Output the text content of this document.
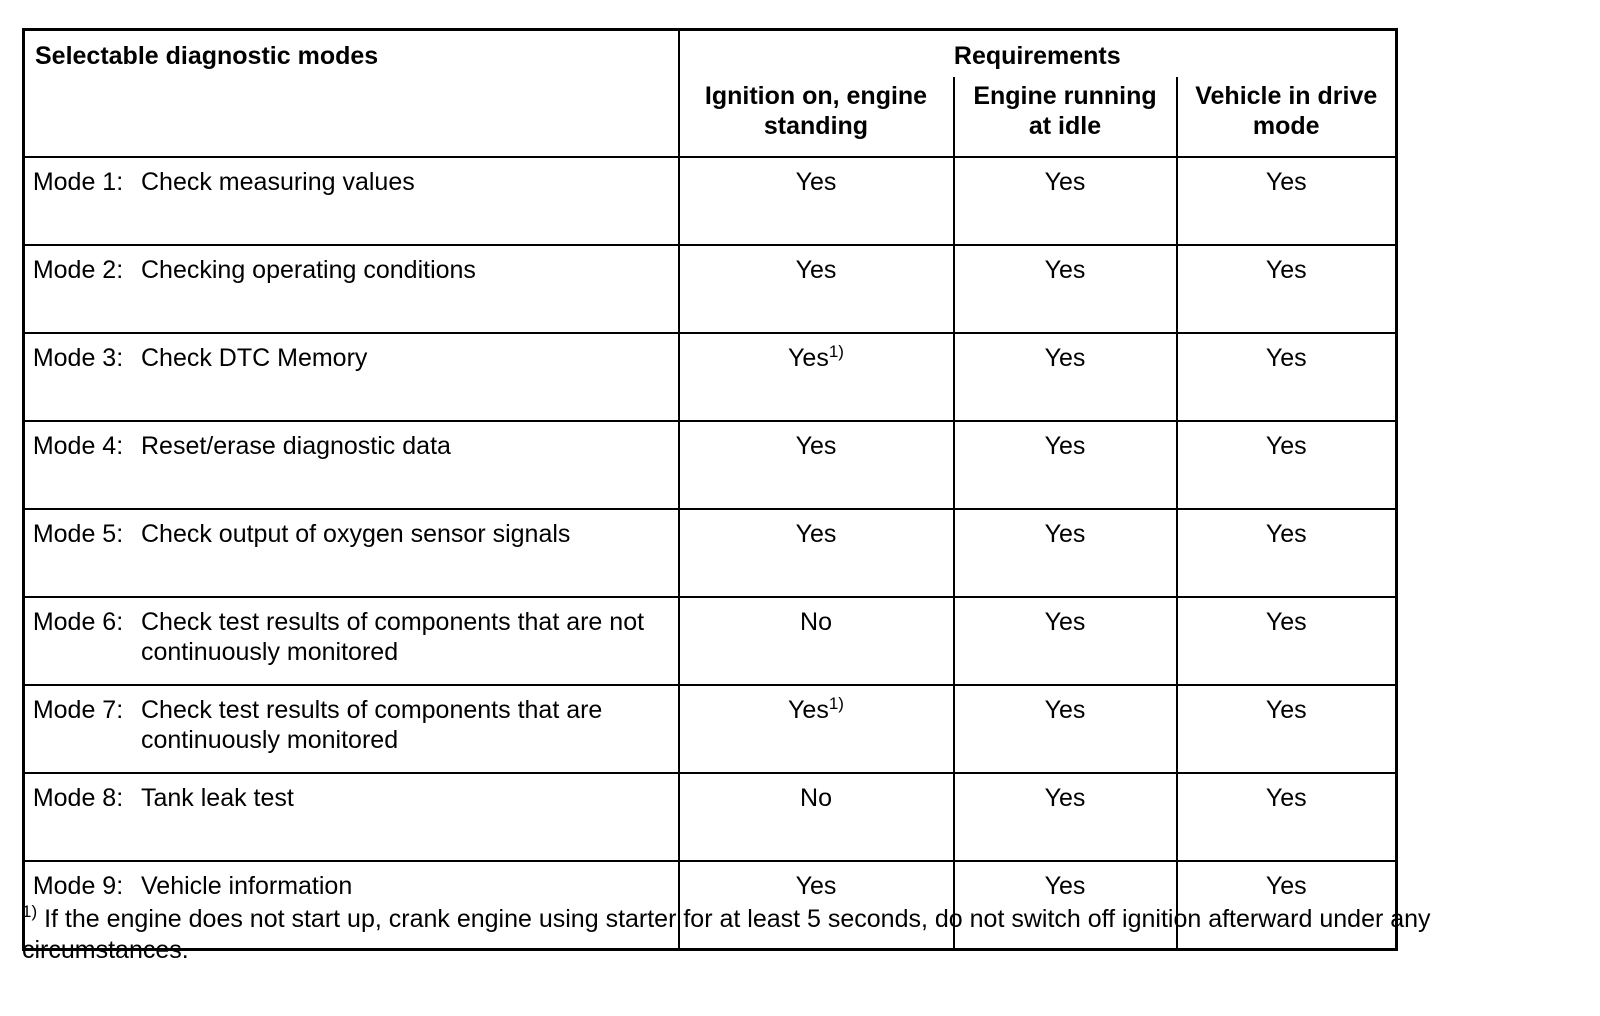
Selectable diagnostic modes	Requirements		
	Ignition on, engine standing	Engine running at idle	Vehicle in drive mode

Mode 1: Check measuring values	Yes	Yes	Yes

Mode 2: Checking operating conditions	Yes	Yes	Yes

Mode 3: Check DTC Memory	Yes$^{1)}$	Yes	Yes

Mode 4: Reset/erase diagnostic data	Yes	Yes	Yes

Mode 5: Check output of oxygen sensor signals	Yes	Yes	Yes

Mode 6: Check test results of components that are not continuously monitored	No	Yes	Yes

Mode 7: Check test results of components that are continuously monitored	Yes$^{1)}$	Yes	Yes

Mode 8: Tank leak test	No	Yes	Yes

Mode 9: Vehicle information	Yes	Yes	Yes
$^{1)}$ If the engine does not start up, crank engine using starter for at least 5 seconds, do not switch off ignition afterward under any circumstances.
